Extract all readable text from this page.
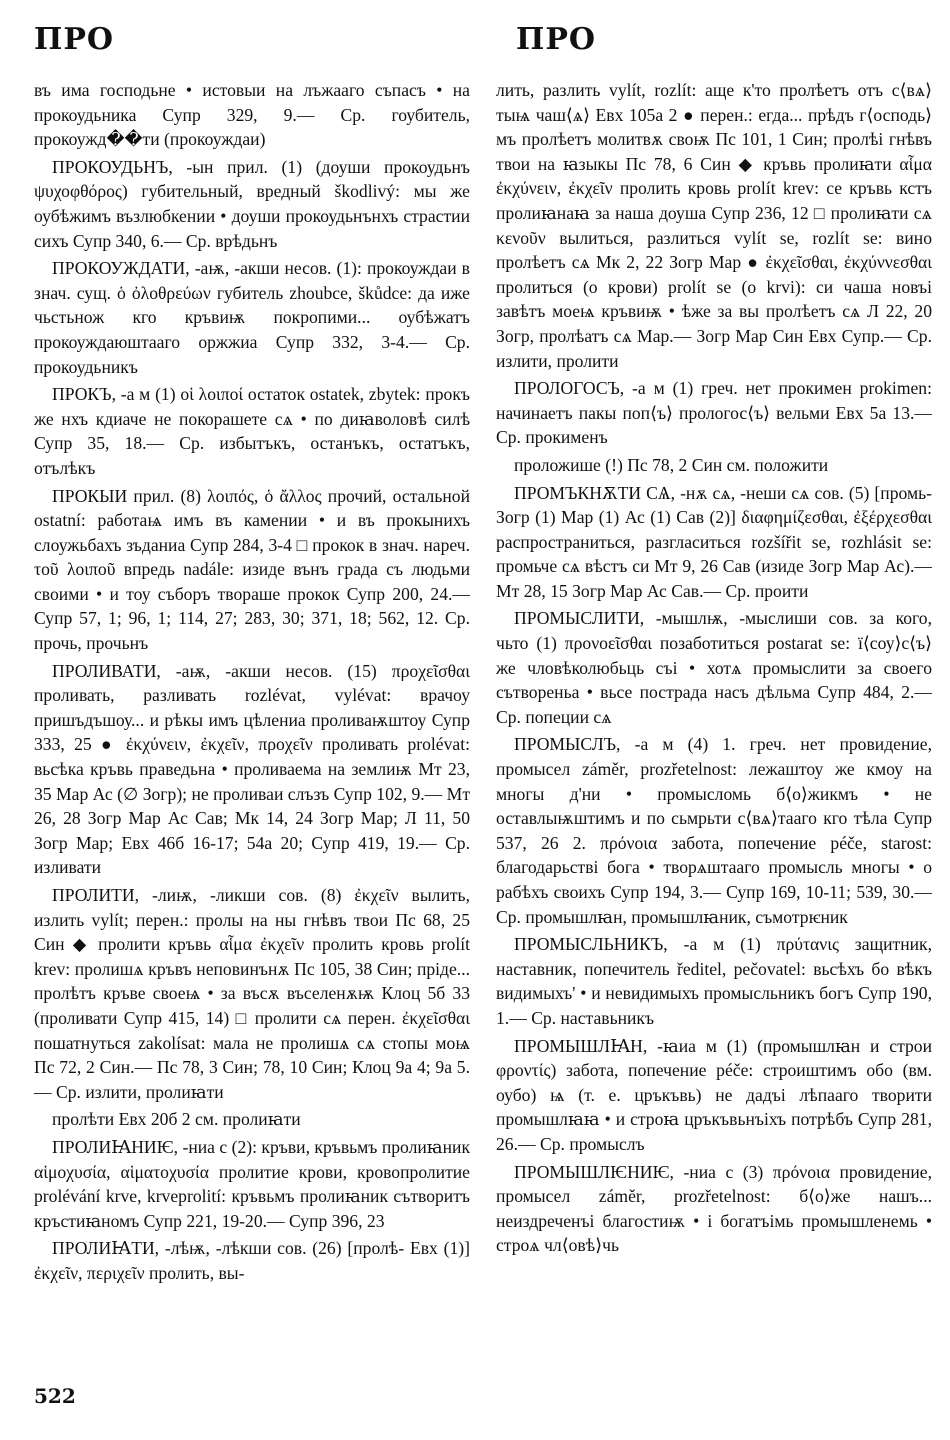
ПРО	ПРО

въ има господьне • истовыи на лъжааго съпасъ • на прокоудьника Супр 329, 9.— Ср. гоубитель, прокоужд��ти (прокоуждаи)

ПРОКОУДЬНЪ, -ын прил. (1) (доуши прокоудьнъ ψυχοφθόρος) губительный, вредный škodlivý: мы же оубѣжимъ възлюбкении • доуши прокоудьнънхъ страстии сихъ Супр 340, 6.— Ср. врѣдьнъ

ПРОКОУЖДАТИ, -аѭ, -акши несов. (1): прокоуждаи в знач. сущ. ὁ ὀλοθρεύων губитель zhoubce, škůdce: да иже чьстьнож кго кръвиѭ покропими... оубѣжатъ прокоуждаюштааго оржжиа Супр 332, 3-4.— Ср. прокоудьникъ

ПРОКЪ, -а м (1) οἱ λοιποί остаток ostatek, zbytek: прокъ же нхъ кдиаче не покорашете сѧ • по диꙗволовѣ силѣ Супр 35, 18.— Ср. избытъкъ, останъкъ, остатъкъ, отълѣкъ

ПРОКЫИ прил. (8) λοιπός, ὁ ἄλλος прочий, остальной ostatní: работаѩ имъ въ камении • и въ прокынихъ слоужьбахъ зъданиа Супр 284, 3-4 □ прокок в знач. нареч. τοῦ λοιποῦ впредь nadále: изиде вънъ града съ людьми своими • и тоу съборъ твораше прокок Супр 200, 24.— Супр 57, 1; 96, 1; 114, 27; 283, 30; 371, 18; 562, 12. Ср. прочь, прочьнъ

ПРОЛИВАТИ, -аѭ, -акши несов. (15) προχεῖσθαι проливать, разливать rozlévat, vylévat: врачоу пришъдъшоу... и рѣкы имъ цѣлениа проливаѭштоу Супр 333, 25 ● ἐκχύνειν, ἐκχεῖν, προχεῖν проливать prolévat: вьсѣка кръвь праведьна • проливаема на землиѭ Мт 23, 35 Мар Ас (∅ Зогр); не проливаи слъзъ Супр 102, 9.— Мт 26, 28 Зогр Мар Ас Сав; Мк 14, 24 Зогр Мар; Л 11, 50 Зогр Мар; Евх 46б 16-17; 54а 20; Супр 419, 19.— Ср. изливати

ПРОЛИТИ, -лиѭ, -ликши сов. (8) ἐκχεῖν вылить, излить vylít; перен.: пролы на ны гнѣвъ твои Пс 68, 25 Син ◆ пролити кръвь αἷμα ἐκχεῖν пролить кровь prolít krev: пролишѧ кръвъ неповинънѫ Пс 105, 38 Син; пріде... пролѣтъ кръве своеѩ • за въсѫ въселенѫѭ Клоц 5б 33 (проливати Супр 415, 14) □ пролити сѧ перен. ἐκχεῖσθαι пошатнуться zakolísat: мала не пролишѧ сѧ стопы моѩ Пс 72, 2 Син.— Пс 78, 3 Син; 78, 10 Син; Клоц 9а 4; 9а 5.— Ср. излити, пролиꙗти

пролѣти Евх 20б 2 см. пролиꙗти

ПРОЛИꙖНИѤ, -ниа с (2): кръви, кръвьмъ пролиꙗник αἱμοχυσία, αἱματοχυσία пролитие крови, кровопролитие prolévání krve, krveprolití: кръвьмъ пролиꙗник сътворитъ кръстиꙗномъ Супр 221, 19-20.— Супр 396, 23

ПРОЛИꙖТИ, -лѣѭ, -лѣкши сов. (26) [пролѣ- Евх (1)] ἐκχεῖν, περιχεῖν пролить, вы-

лить, разлить vylít, rozlít: аще к'то пролѣетъ отъ с⟨вѧ⟩тыѩ чаш⟨ѧ⟩ Евх 105а 2 ● перен.: егда... прѣдъ г⟨осподь⟩мъ пролѣетъ молитвѫ своѭ Пс 101, 1 Син; пролѣі гнѣвъ твои на ꙗзыкы Пс 78, 6 Син ◆ кръвь пролиꙗти αἷμα ἐκχύνειν, ἐκχεῖν пролить кровь prolít krev: се кръвь кстъ пролиꙗнаꙗ за наша доуша Супр 236, 12 □ пролиꙗти сѧ κενοῦν вылиться, разлиться vylít se, rozlít se: вино пролѣетъ сѧ Мк 2, 22 Зогр Мар ● ἐκχεῖσθαι, ἐκχύννεσθαι пролиться (о крови) prolít se (o krvi): си чаша новъі завѣтъ моеѩ кръвиѭ • ѣже за вы пролѣетъ сѧ Л 22, 20 Зогр, пролѣатъ сѧ Мар.— Зогр Мар Син Евх Супр.— Ср. излити, пролити

ПРОЛОГОСЪ, -а м (1) греч. нет прокимен prokimen: начинаетъ пакы поп⟨ъ⟩ прологос⟨ъ⟩ вельми Евх 5а 13.— Ср. прокименъ

проложише (!) Пс 78, 2 Син см. положити

ПРОМЪКНѪТИ СѦ, -нѫ сѧ, -неши сѧ сов. (5) [промь- Зогр (1) Мар (1) Ас (1) Сав (2)] διαφημίζεσθαι, ἐξέρχεσθαι распространиться, разгласиться rozšířit se, rozhlásit se: промьче сѧ вѣстъ си Мт 9, 26 Сав (изиде Зогр Мар Ас).— Мт 28, 15 Зогр Мар Ас Сав.— Ср. проити

ПРОМЫСЛИТИ, -мышлѭ, -мыслиши сов. за кого, чьто (1) προνοεῖσθαι позаботиться postarat se: ї⟨соу⟩с⟨ъ⟩ же чловѣколюбьць съі • хотѧ промыслити за своего сътвореньа • вьсе пострада насъ дѣльма Супр 484, 2.— Ср. попеции сѧ

ПРОМЫСЛЪ, -а м (4) 1. греч. нет провидение, промысел záměr, prozřetelnost: лежаштоу же кмоу на многы д'ни • промысломь б⟨о⟩жикмъ • не оставлыѭштимъ и по сьмрьти с⟨вѧ⟩тааго кго тѣла Супр 537, 26 2. πρόνοια забота, попечение péče, starost: благодарьстві бога • творѧштааго промысль многы • о рабѣхъ своихъ Супр 194, 3.— Супр 169, 10-11; 539, 30.— Ср. промышлꙗн, промышлꙗник, съмотрѥник

ПРОМЫСЛЬНИКЪ, -а м (1) πρύτανις защитник, наставник, попечитель ředitel, pečovatel: вьсѣхъ бо вѣкъ видимыхъ' • и невидимыхъ промысльникъ богъ Супр 190, 1.— Ср. наставьникъ

ПРОМЫШЛꙖН, -ꙗиа м (1) (промышлꙗн и строи φροντίς) забота, попечение péče: строиштимъ обо (вм. оубо) ѩ (т. е. цръкъвь) не дадъі лѣпааго творити промышлꙗꙗ • и строꙗ цръкъвьнъіхъ потрѣбъ Супр 281, 26.— Ср. промыслъ

ПРОМЫШЛѤНИѤ, -ниа с (3) πρόνοια провидение, промысел záměr, prozřetelnost: б⟨о⟩же нашъ... неиздреченъі благостиѭ • і богатъімь промышленемь • строѧ чл⟨овѣ⟩чь

522
